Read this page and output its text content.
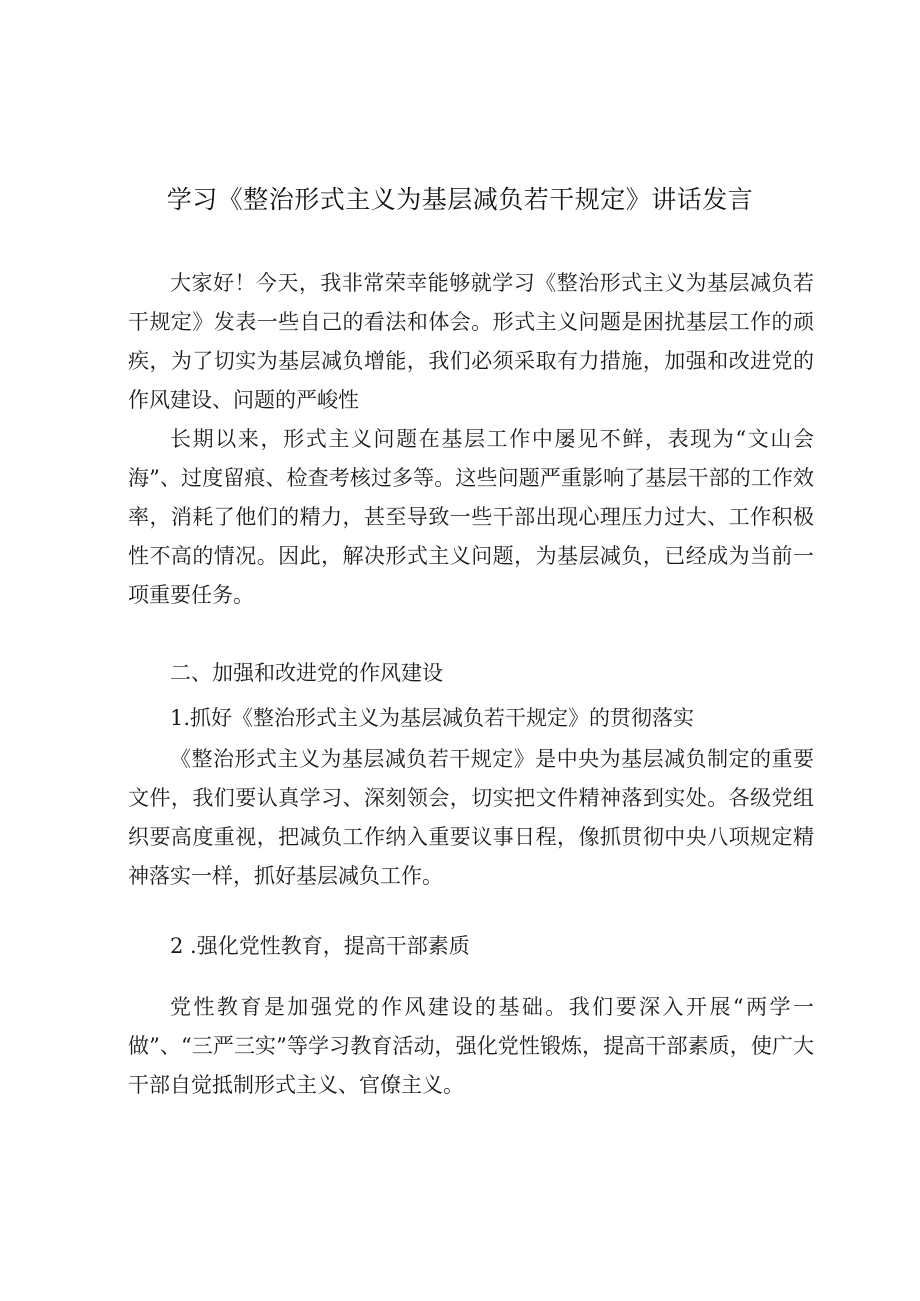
学习《整治形式主义为基层减负若干规定》讲话发言

大家好！今天，我非常荣幸能够就学习《整治形式主义为基层减负若干规定》发表一些自己的看法和体会。形式主义问题是困扰基层工作的顽疾，为了切实为基层减负增能，我们必须采取有力措施，加强和改进党的作风建设、问题的严峻性

长期以来，形式主义问题在基层工作中屡见不鲜，表现为“文山会海”、过度留痕、检查考核过多等。这些问题严重影响了基层干部的工作效率，消耗了他们的精力，甚至导致一些干部出现心理压力过大、工作积极性不高的情况。因此，解决形式主义问题，为基层减负，已经成为当前一项重要任务。

二、加强和改进党的作风建设

1.抓好《整治形式主义为基层减负若干规定》的贯彻落实

《整治形式主义为基层减负若干规定》是中央为基层减负制定的重要文件，我们要认真学习、深刻领会，切实把文件精神落到实处。各级党组织要高度重视，把减负工作纳入重要议事日程，像抓贯彻中央八项规定精神落实一样，抓好基层减负工作。

2 .强化党性教育，提高干部素质

党性教育是加强党的作风建设的基础。我们要深入开展“两学一做”、“三严三实”等学习教育活动，强化党性锻炼，提高干部素质，使广大干部自觉抵制形式主义、官僚主义。
